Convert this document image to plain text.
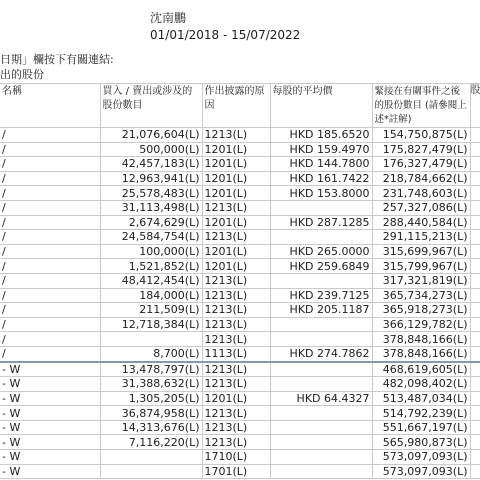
沈南鵬
01/01/2018 - 15/07/2022
日期」欄按下有關連結:
出的股份
名稱	買入 / 賣出或涉及的股份數目	作出披露的原因	每股的平均價	緊接在有關事件之後的股份數目 (請參閱上述*註解)	股
/	21,076,604(L)	1213(L)	HKD 185.6520	154,750,875(L)	
/	500,000(L)	1201(L)	HKD 159.4970	175,827,479(L)	
/	42,457,183(L)	1201(L)	HKD 144.7800	176,327,479(L)	
/	12,963,941(L)	1201(L)	HKD 161.7422	218,784,662(L)	
/	25,578,483(L)	1201(L)	HKD 153.8000	231,748,603(L)	
/	31,113,498(L)	1213(L)		257,327,086(L)	
/	2,674,629(L)	1201(L)	HKD 287.1285	288,440,584(L)	
/	24,584,754(L)	1213(L)		291,115,213(L)	
/	100,000(L)	1201(L)	HKD 265.0000	315,699,967(L)	
/	1,521,852(L)	1201(L)	HKD 259.6849	315,799,967(L)	
/	48,412,454(L)	1213(L)		317,321,819(L)	
/	184,000(L)	1213(L)	HKD 239.7125	365,734,273(L)	
/	211,509(L)	1213(L)	HKD 205.1187	365,918,273(L)	
/	12,718,384(L)	1213(L)		366,129,782(L)	
/		1213(L)		378,848,166(L)	
/	8,700(L)	1113(L)	HKD 274.7862	378,848,166(L)	
- W	13,478,797(L)	1213(L)		468,619,605(L)	
- W	31,388,632(L)	1213(L)		482,098,402(L)	
- W	1,305,205(L)	1201(L)	HKD 64.4327	513,487,034(L)	
- W	36,874,958(L)	1213(L)		514,792,239(L)	
- W	14,313,676(L)	1213(L)		551,667,197(L)	
- W	7,116,220(L)	1213(L)		565,980,873(L)	
- W		1710(L)		573,097,093(L)	
- W		1701(L)		573,097,093(L)	
